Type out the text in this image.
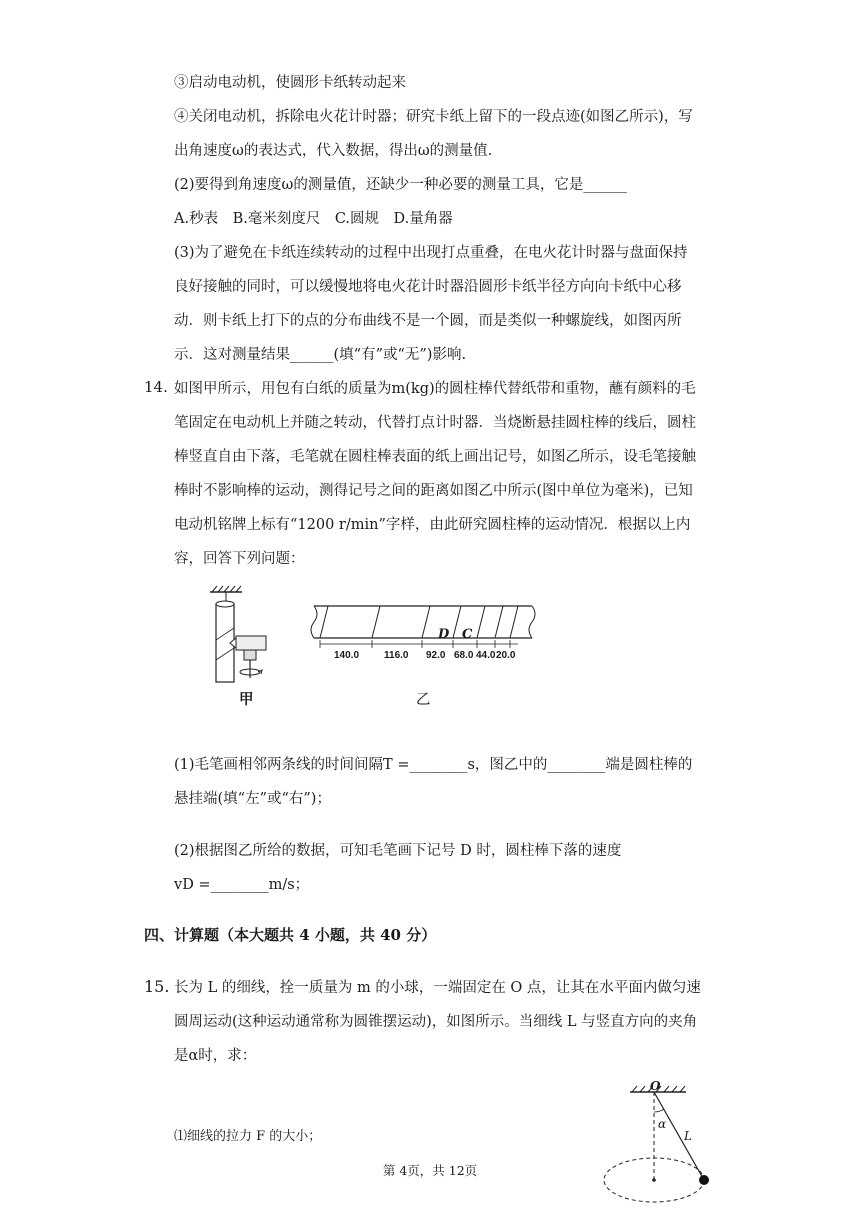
③启动电动机，使圆形卡纸转动起来
④关闭电动机，拆除电火花计时器；研究卡纸上留下的一段点迹(如图乙所示)，写
出角速度ω的表达式，代入数据，得出ω的测量值.
(2)要得到角速度ω的测量值，还缺少一种必要的测量工具，它是______
A.秒表　B.毫米刻度尺　C.圆规　D.量角器
(3)为了避免在卡纸连续转动的过程中出现打点重叠，在电火花计时器与盘面保持
良好接触的同时，可以缓慢地将电火花计时器沿圆形卡纸半径方向向卡纸中心移
动．则卡纸上打下的点的分布曲线不是一个圆，而是类似一种螺旋线，如图丙所
示．这对测量结果______(填“有”或“无”)影响.
14. 如图甲所示，用包有白纸的质量为m(kg)的圆柱棒代替纸带和重物，蘸有颜料的毛
笔固定在电动机上并随之转动，代替打点计时器．当烧断悬挂圆柱棒的线后，圆柱
棒竖直自由下落，毛笔就在圆柱棒表面的纸上画出记号，如图乙所示，设毛笔接触
棒时不影响棒的运动，测得记号之间的距离如图乙中所示(图中单位为毫米)，已知
电动机铭牌上标有“1200 r/min”字样，由此研究圆柱棒的运动情况．根据以上内
容，回答下列问题：
甲
D C
140.0 116.0 92.0 68.0 44.0 20.0
乙
(1)毛笔画相邻两条线的时间间隔T =________s，图乙中的________端是圆柱棒的
悬挂端(填“左”或“右”)；
(2)根据图乙所给的数据，可知毛笔画下记号 D 时，圆柱棒下落的速度
vD =________m/s；
四、计算题（本大题共 4 小题，共 40 分）
15. 长为 L 的细线，拴一质量为 m 的小球，一端固定在 O 点，让其在水平面内做匀速
圆周运动(这种运动通常称为圆锥摆运动)，如图所示。当细线 L 与竖直方向的夹角
是α时，求：
⑴细线的拉力 F 的大小；
O
α
L
第 4页，共 12页
